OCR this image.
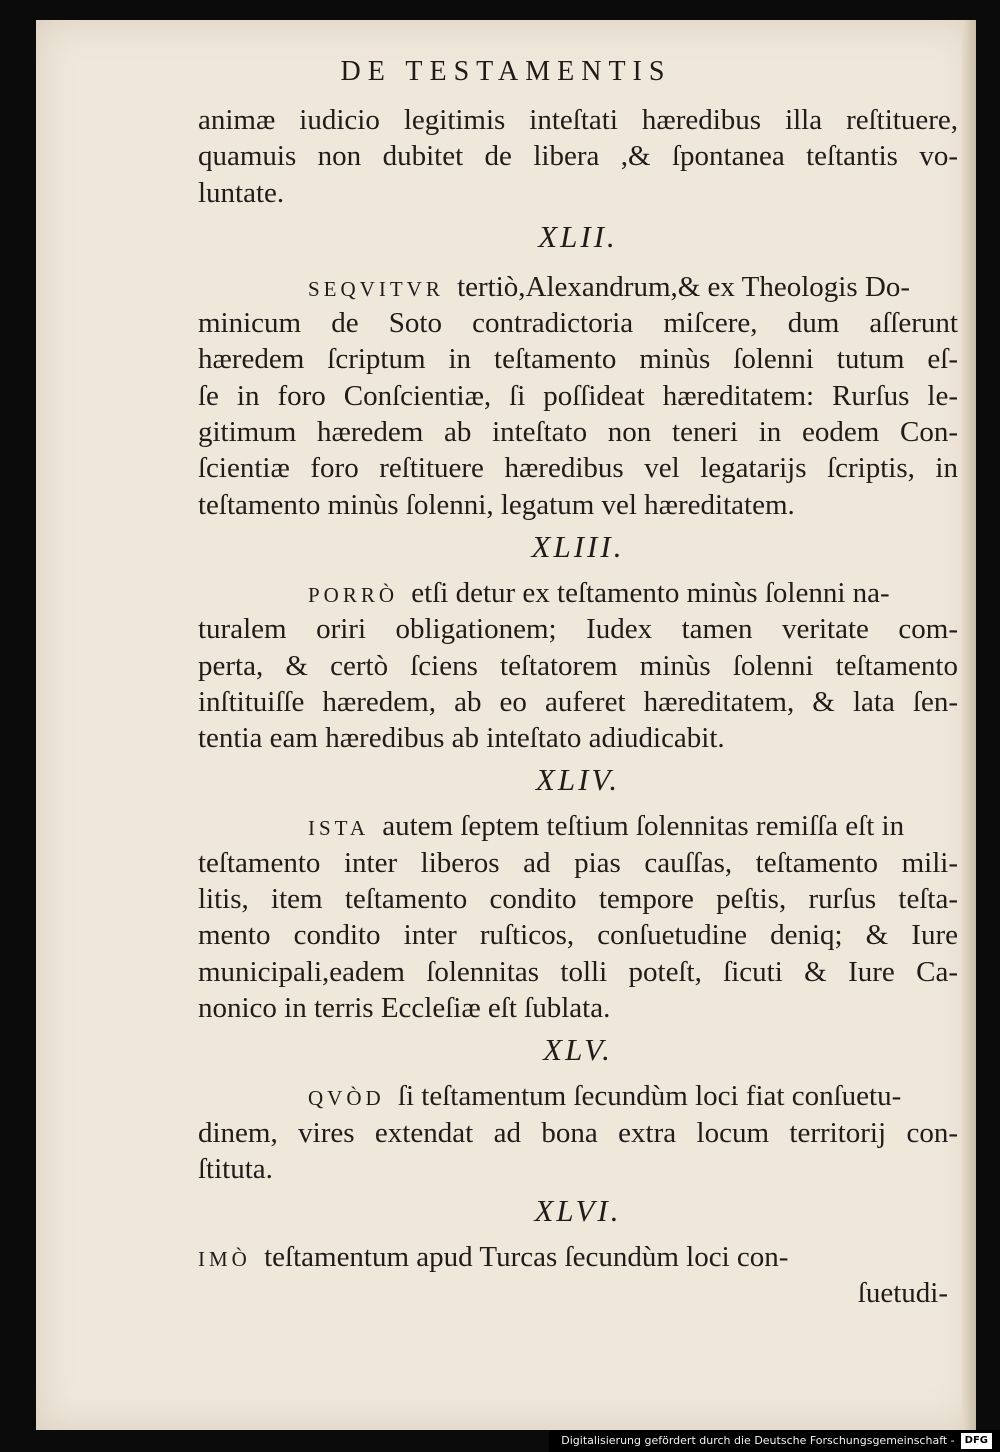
DE TESTAMENTIS
animæ iudicio legitimis inteſtati hæredibus illa reſtituere,
quamuis non dubitet de libera ,& ſpontanea teſtantis vo-
luntate.
XLII.
SEQVITVR tertiò,Alexandrum,& ex Theologis Do-
minicum de Soto contradictoria miſcere, dum aſſerunt
hæredem ſcriptum in teſtamento minùs ſolenni tutum eſ-
ſe in foro Conſcientiæ, ſi poſſideat hæreditatem: Rurſus le-
gitimum hæredem ab inteſtato non teneri in eodem Con-
ſcientiæ foro reſtituere hæredibus vel legatarijs ſcriptis, in
teſtamento minùs ſolenni, legatum vel hæreditatem.
XLIII.
PORRÒ etſi detur ex teſtamento minùs ſolenni na-
turalem oriri obligationem; Iudex tamen veritate com-
perta, & certò ſciens teſtatorem minùs ſolenni teſtamento
inſtituiſſe hæredem, ab eo auferet hæreditatem, & lata ſen-
tentia eam hæredibus ab inteſtato adiudicabit.
XLIV.
ISTA autem ſeptem teſtium ſolennitas remiſſa eſt in
teſtamento inter liberos ad pias cauſſas, teſtamento mili-
litis, item teſtamento condito tempore peſtis, rurſus teſta-
mento condito inter ruſticos, conſuetudine deniq; & Iure
municipali,eadem ſolennitas tolli poteſt, ſicuti & Iure Ca-
nonico in terris Eccleſiæ eſt ſublata.
XLV.
QVÒD ſi teſtamentum ſecundùm loci fiat conſuetu-
dinem, vires extendat ad bona extra locum territorij con-
ſtituta.
XLVI.
IMÒ teſtamentum apud Turcas ſecundùm loci con-
ſuetudi-
Digitalisierung gefördert durch die Deutsche Forschungsgemeinschaft -	DFG
